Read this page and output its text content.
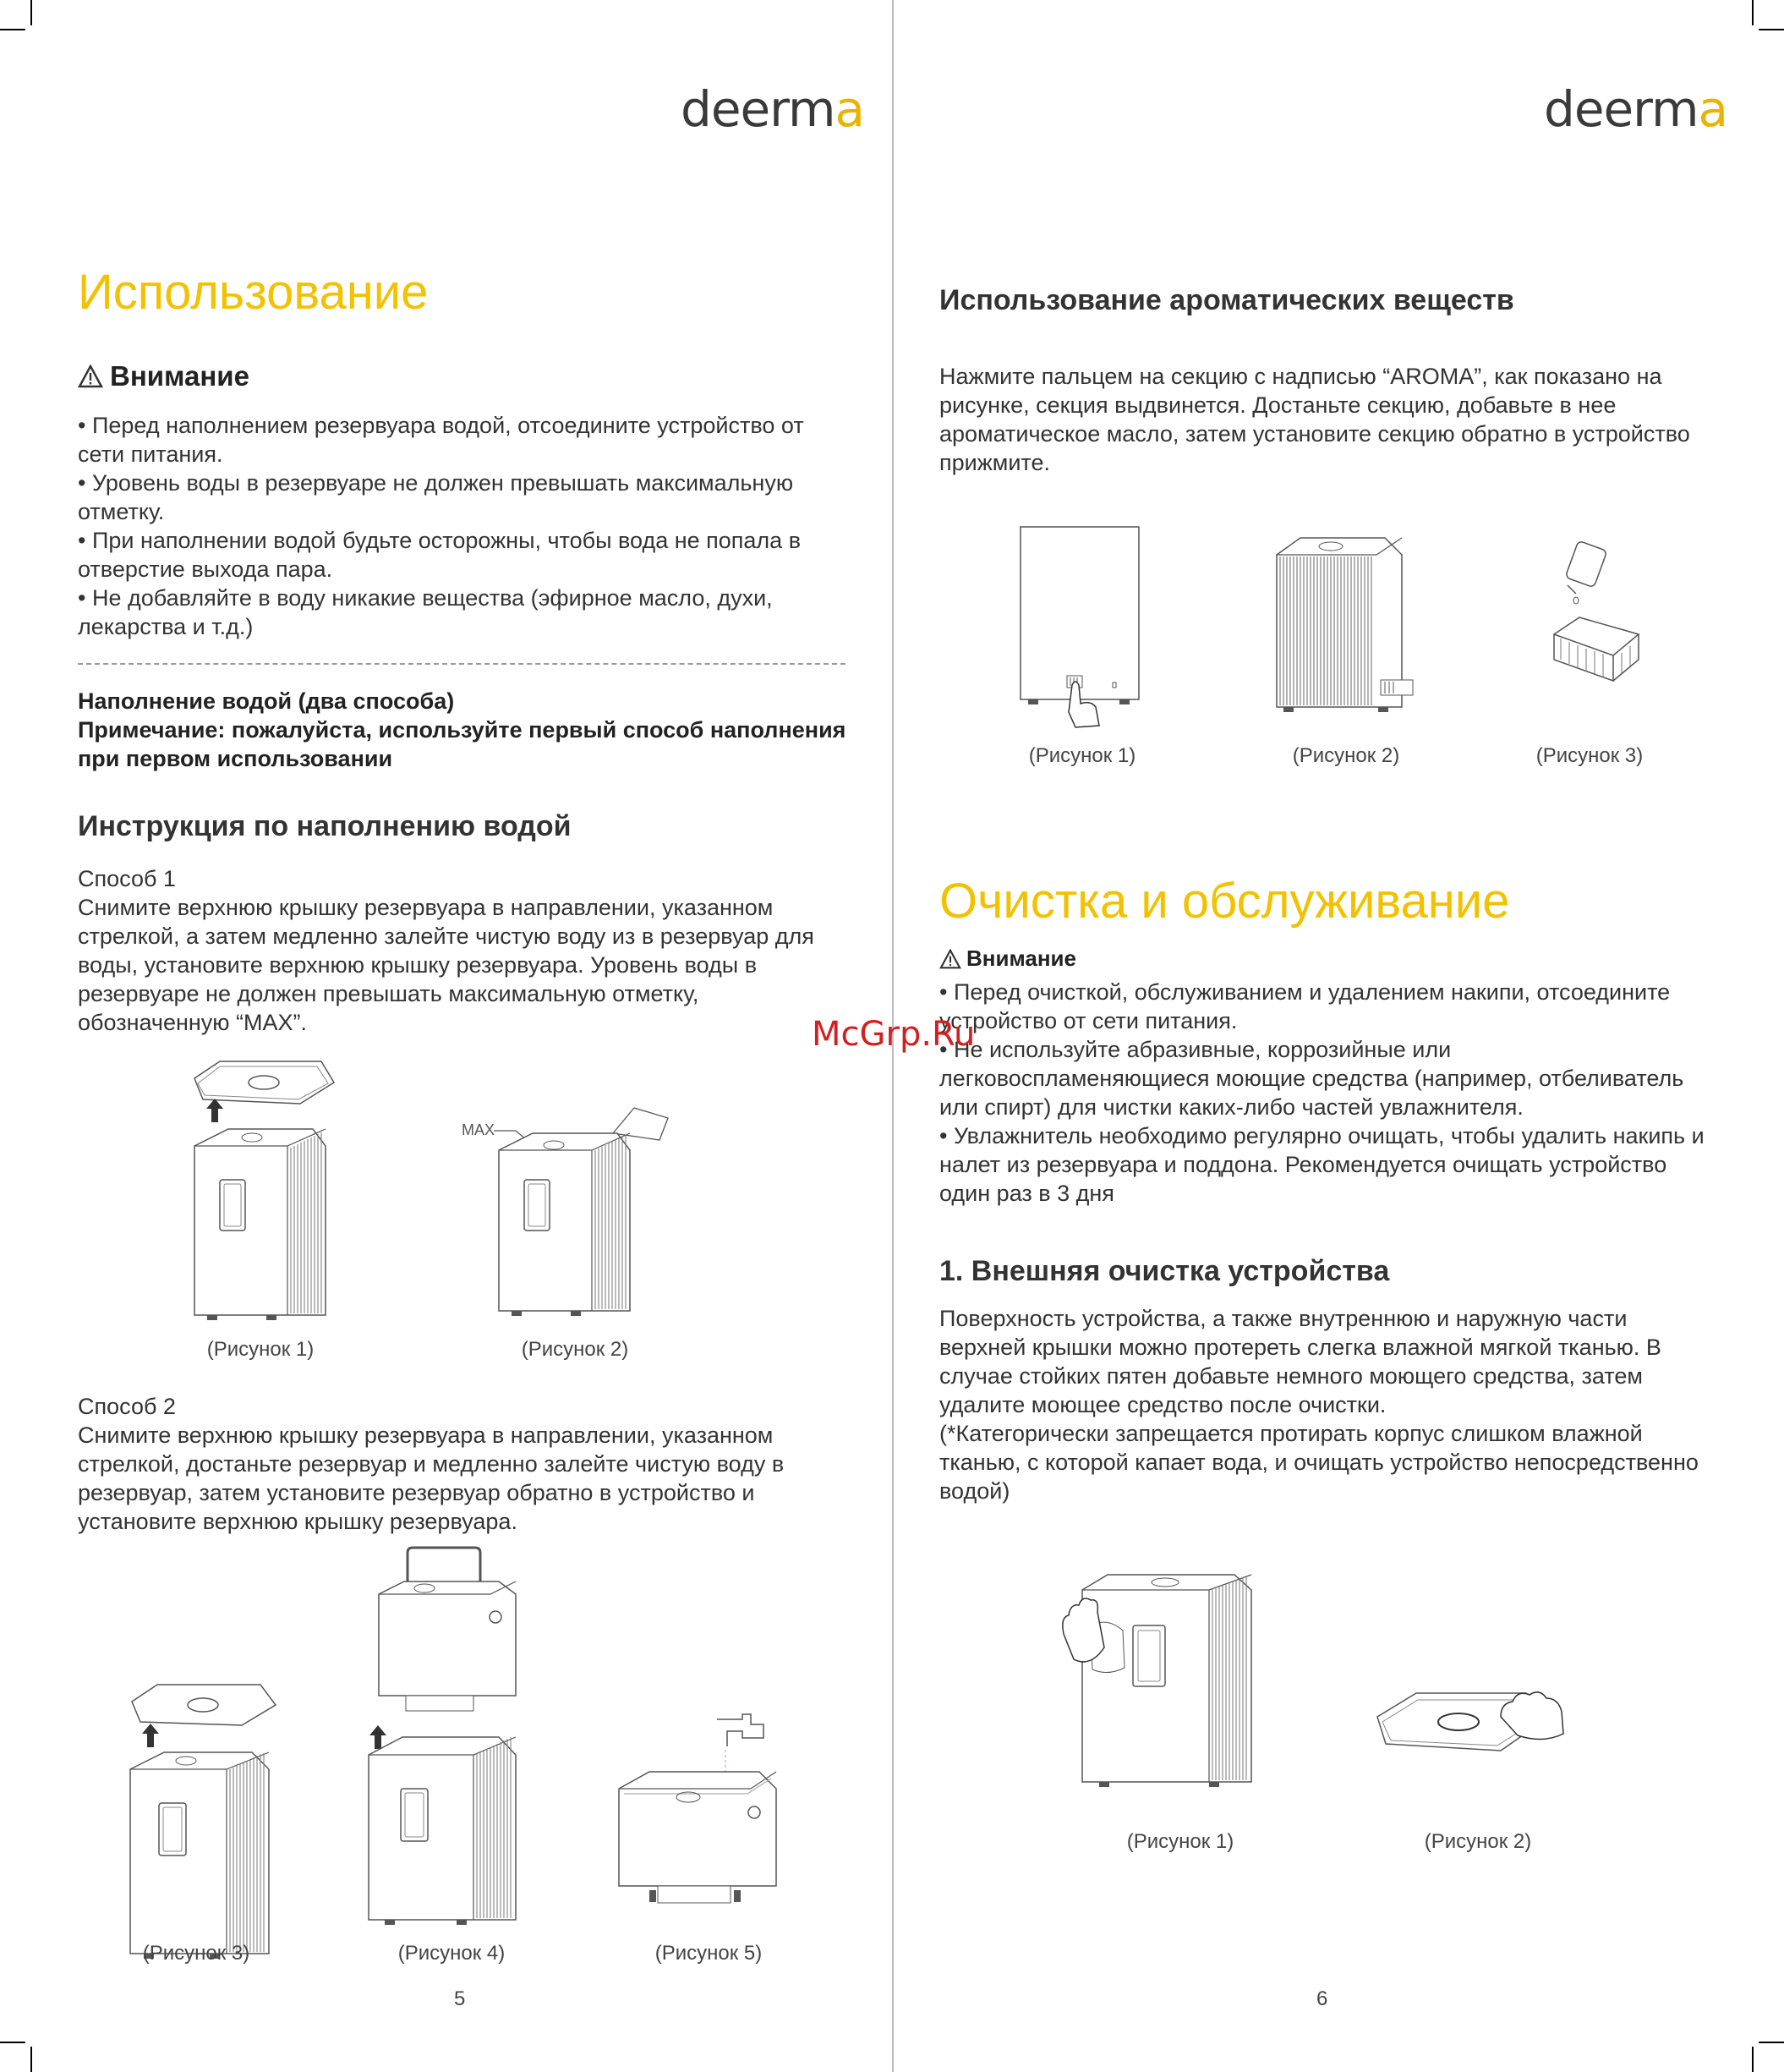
deerma
Использование
Внимание
• Перед наполнением резервуара водой, отсоедините устройство от сети питания.
• Уровень воды в резервуаре не должен превышать максимальную отметку.
• При наполнении водой будьте осторожны, чтобы вода не попала в отверстие выхода пара.
• Не добавляйте в воду никакие вещества (эфирное масло, духи, лекарства и т.д.)
Наполнение водой (два способа)
Примечание: пожалуйста, используйте первый способ наполнения при первом использовании
Инструкция по наполнению водой
Способ 1
Снимите верхнюю крышку резервуара в направлении, указанном стрелкой, а затем медленно залейте чистую воду из в резервуар для воды, установите верхнюю крышку резервуара. Уровень воды в резервуаре не должен превышать максимальную отметку, обозначенную “MAX”.
(Рисунок 1)
MAX
(Рисунок 2)
Способ 2
Снимите верхнюю крышку резервуара в направлении, указанном стрелкой, достаньте резервуар и медленно залейте чистую воду в резервуар, затем установите резервуар обратно в устройство и установите верхнюю крышку резервуара.
(Рисунок 3)	(Рисунок 4)	(Рисунок 5)
5
deerma
Использование ароматических веществ
Нажмите пальцем на секцию с надписью “AROMA”, как показано на рисунке, секция выдвинется. Достаньте секцию, добавьте в нее ароматическое масло, затем установите секцию обратно в устройство прижмите.
(Рисунок 1)	(Рисунок 2)	(Рисунок 3)
Очистка и обслуживание
Внимание
• Перед очисткой, обслуживанием и удалением накипи, отсоедините устройство от сети питания.
• Не используйте абразивные, коррозийные или легковоспламеняющиеся моющие средства (например, отбеливатель или спирт) для чистки каких-либо частей увлажнителя.
• Увлажнитель необходимо регулярно очищать, чтобы удалить накипь и налет из резервуара и поддона. Рекомендуется очищать устройство один раз в 3 дня
1. Внешняя очистка устройства
Поверхность устройства, а также внутреннюю и наружную части верхней крышки можно протереть слегка влажной мягкой тканью. В случае стойких пятен добавьте немного моющего средства, затем удалите моющее средство после очистки.
(*Категорически запрещается протирать корпус слишком влажной тканью, с которой капает вода, и очищать устройство непосредственно водой)
(Рисунок 1)	(Рисунок 2)
6
McGrp.Ru
